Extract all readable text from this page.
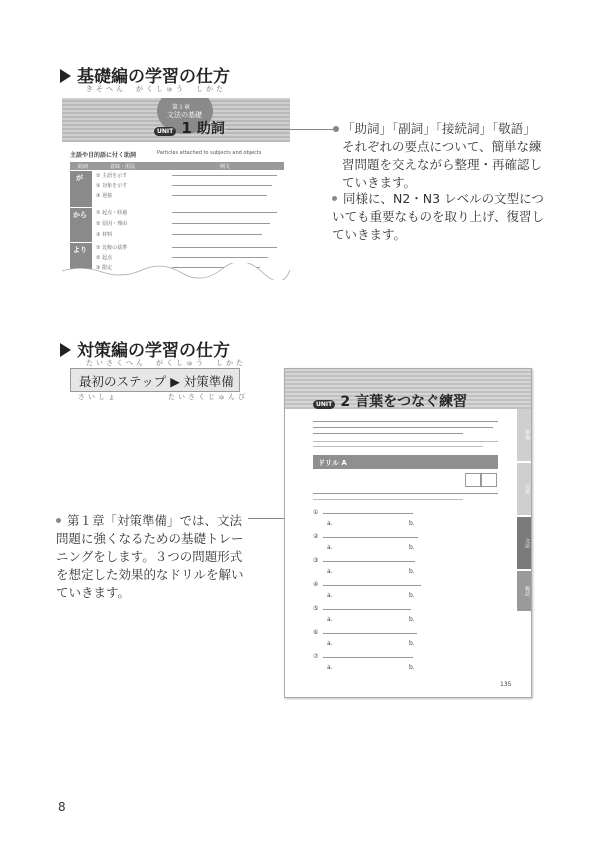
基礎編の学習の仕方
きそへん　がくしゅう　しかた
第１章
文法の基礎
UNIT 1 助詞
主語や目的語に付く助詞	Particles attached to subjects and objects
助詞	意味・用法	例文
が	① 主語を示す
② 対象を示す
③ 逆接
から ① 起点・経過
② 原因・理由
③ 材料
より ① 比較の基準
② 起点
③ 限定
「助詞」「副詞」「接続詞」「敬語」それぞれの要点について、簡単な練習問題を交えながら整理・再確認していきます。
同様に、N2・N3 レベルの文型についても重要なものを取り上げ、復習していきます。
対策編の学習の仕方
たいさくへん　がくしゅう　しかた
最初のステップ ▶ 対策準備
さいしょ　　　　　たいさくじゅんび
第１章「対策準備」では、文法問題に強くなるための基礎トレーニングをします。３つの問題形式を想定した効果的なドリルを解いていきます。
UNIT 2 言葉をつなぐ練習
ドリル A
①
a.	b.
②
a.	b.
③
a.	b.
④
a.	b.
⑤
a.	b.
⑥
a.	b.
⑦
a.	b.
135
準備
対策
文法
模試
8
